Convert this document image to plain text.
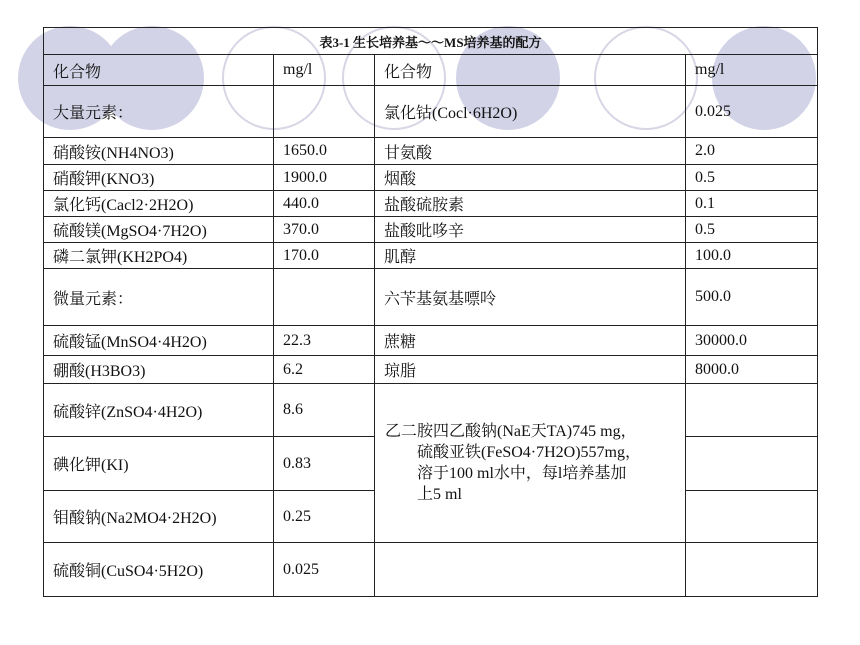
表3-1 生长培养基～～MS培养基的配方			
化合物	mg/l	化合物	mg/l
大量元素：		氯化钴(Cocl·6H2O)	0.025
硝酸铵(NH4NO3)	1650.0	甘氨酸	2.0
硝酸钾(KNO3)	1900.0	烟酸	0.5
氯化钙(Cacl2·2H2O)	440.0	盐酸硫胺素	0.1
硫酸镁(MgSO4·7H2O)	370.0	盐酸吡哆辛	0.5
磷二氯钾(KH2PO4)	170.0	肌醇	100.0
微量元素：		六苄基氨基嘌呤	500.0
硫酸锰(MnSO4·4H2O)	22.3	蔗糖	30000.0
硼酸(H3BO3)	6.2	琼脂	8000.0
硫酸锌(ZnSO4·4H2O)	8.6	乙二胺四乙酸钠(NaE天TA)745 mg，
硫酸亚铁(FeSO4·7H2O)557mg，
溶于100 ml水中，每l培养基加
上5 ml	

碘化钾(KI)	0.83		
钼酸钠(Na2MO4·2H2O)	0.25		
硫酸铜(CuSO4·5H2O)	0.025		
